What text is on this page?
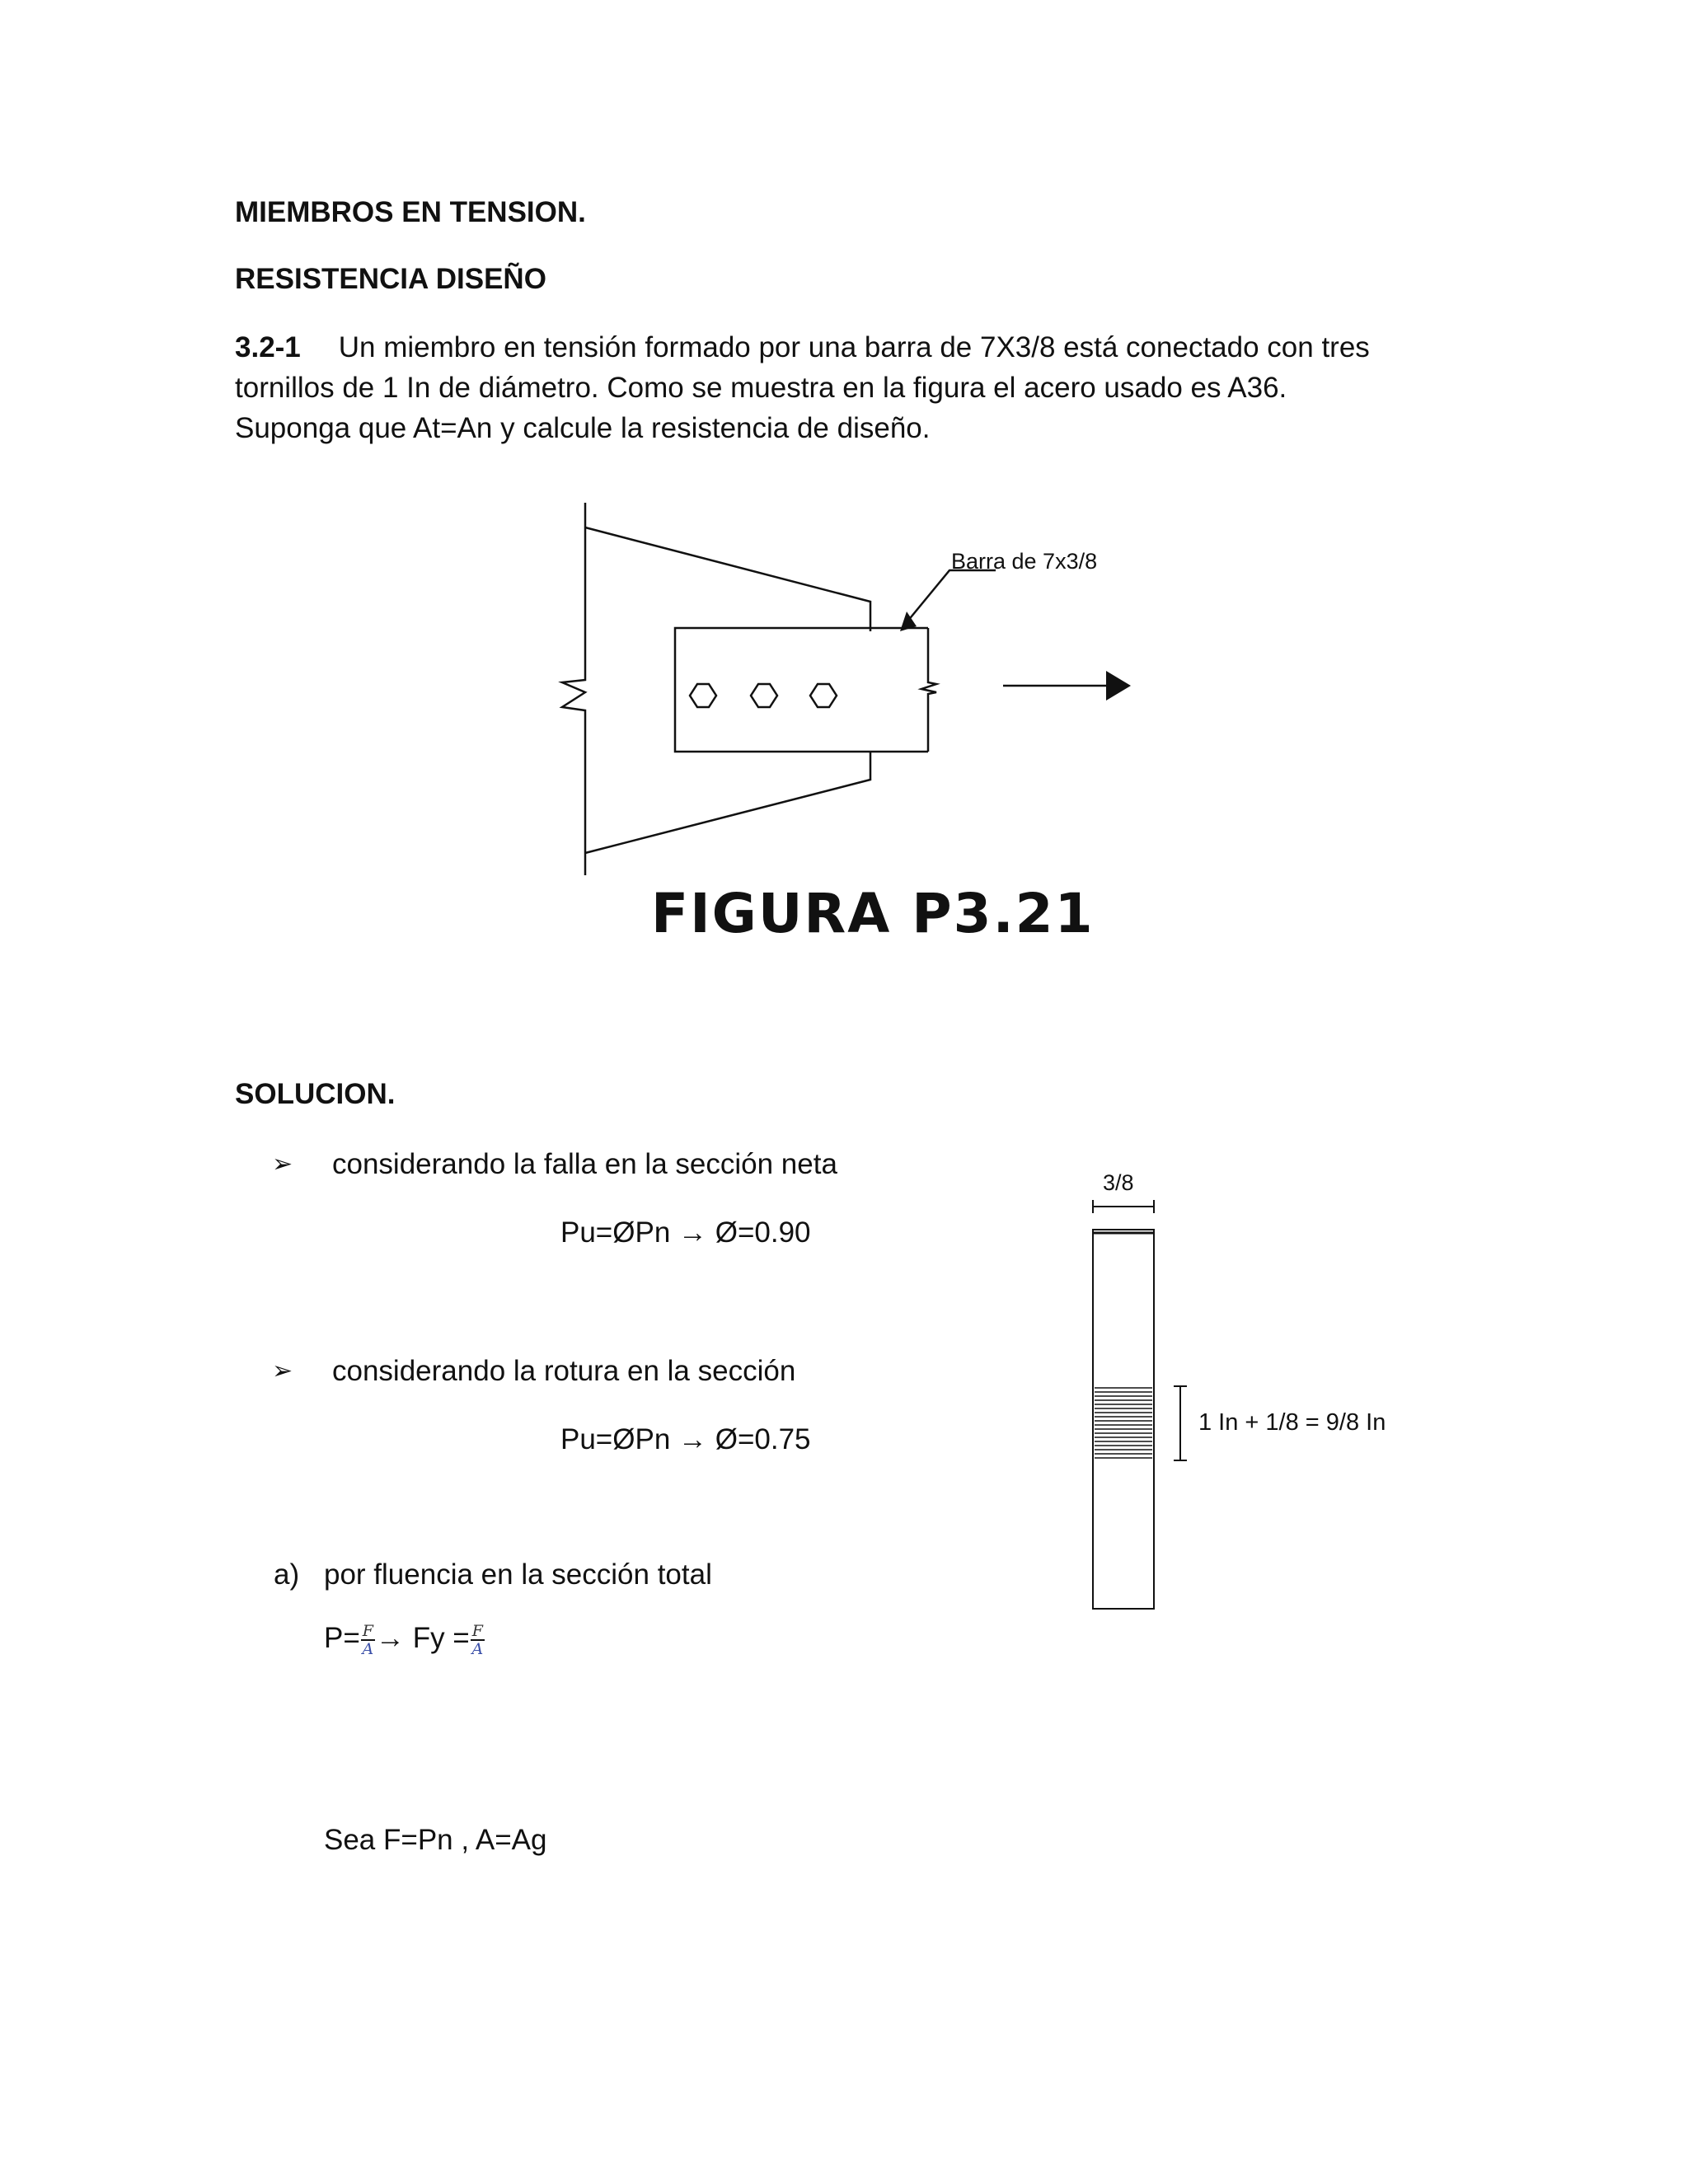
MIEMBROS EN TENSION.
RESISTENCIA DISEÑO
3.2-1 Un miembro en tensión formado por una barra de 7X3/8 está conectado con tres
tornillos de 1 In de diámetro. Como se muestra en la figura el acero usado es A36.
Suponga que At=An y calcule la resistencia de diseño.
Barra de 7x3/8
FIGURA P3.21
SOLUCION.
➢ considerando la falla en la sección neta
Pu=ØPn → Ø=0.90
➢ considerando la rotura en la sección
Pu=ØPn → Ø=0.75
a) por fluencia en la sección total
$P= \frac{F}{A} \to Fy = \frac{F}{A}$
Sea F=Pn , A=Ag
3/8
1 In + 1/8 = 9/8 In
